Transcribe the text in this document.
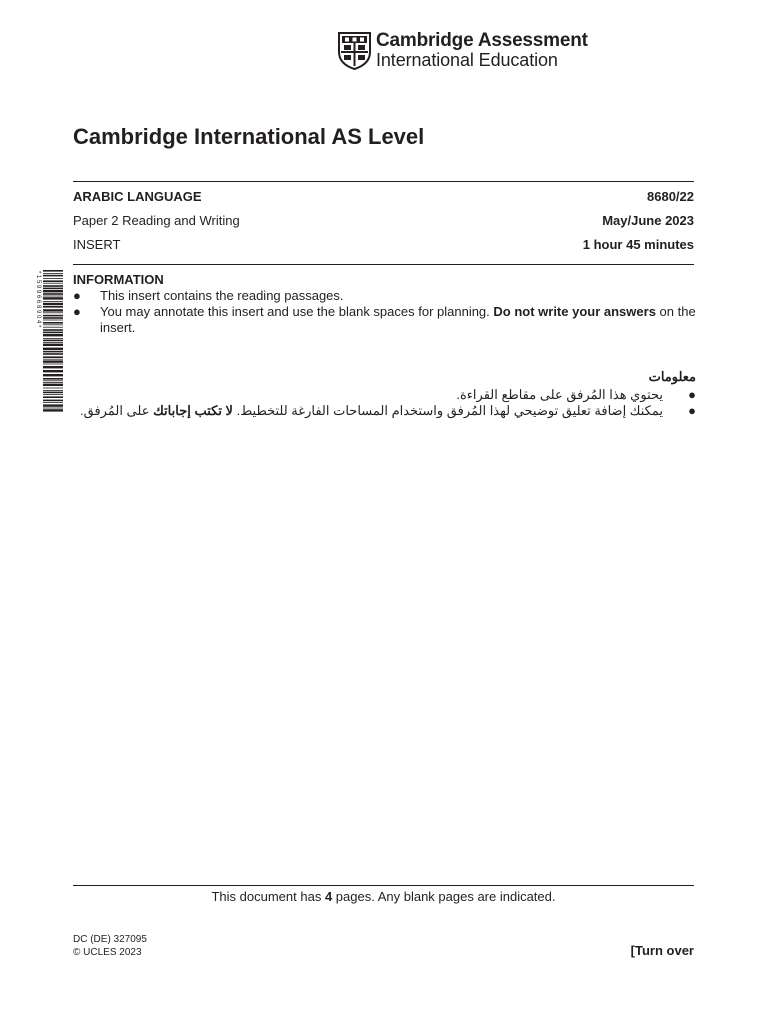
Cambridge Assessment
International Education
Cambridge International AS Level
ARABIC LANGUAGE	8680/22
Paper 2 Reading and Writing	May/June 2023
INSERT	1 hour 45 minutes
* 1 5 9 9 6 6 8 9 0 4 * INFORMATION
● This insert contains the reading passages.
● You may annotate this insert and use the blank spaces for planning. Do not write your answers on the insert.
معلومات
●
يحتوي هذا المُرفق على مقاطع القراءة.
●
يمكنك إضافة تعليق توضيحي لهذا المُرفق واستخدام المساحات الفارغة للتخطيط. لا تكتب إجاباتك على المُرفق.
This document has 4 pages. Any blank pages are indicated.
DC (DE) 327095
© UCLES 2023	[Turn over
